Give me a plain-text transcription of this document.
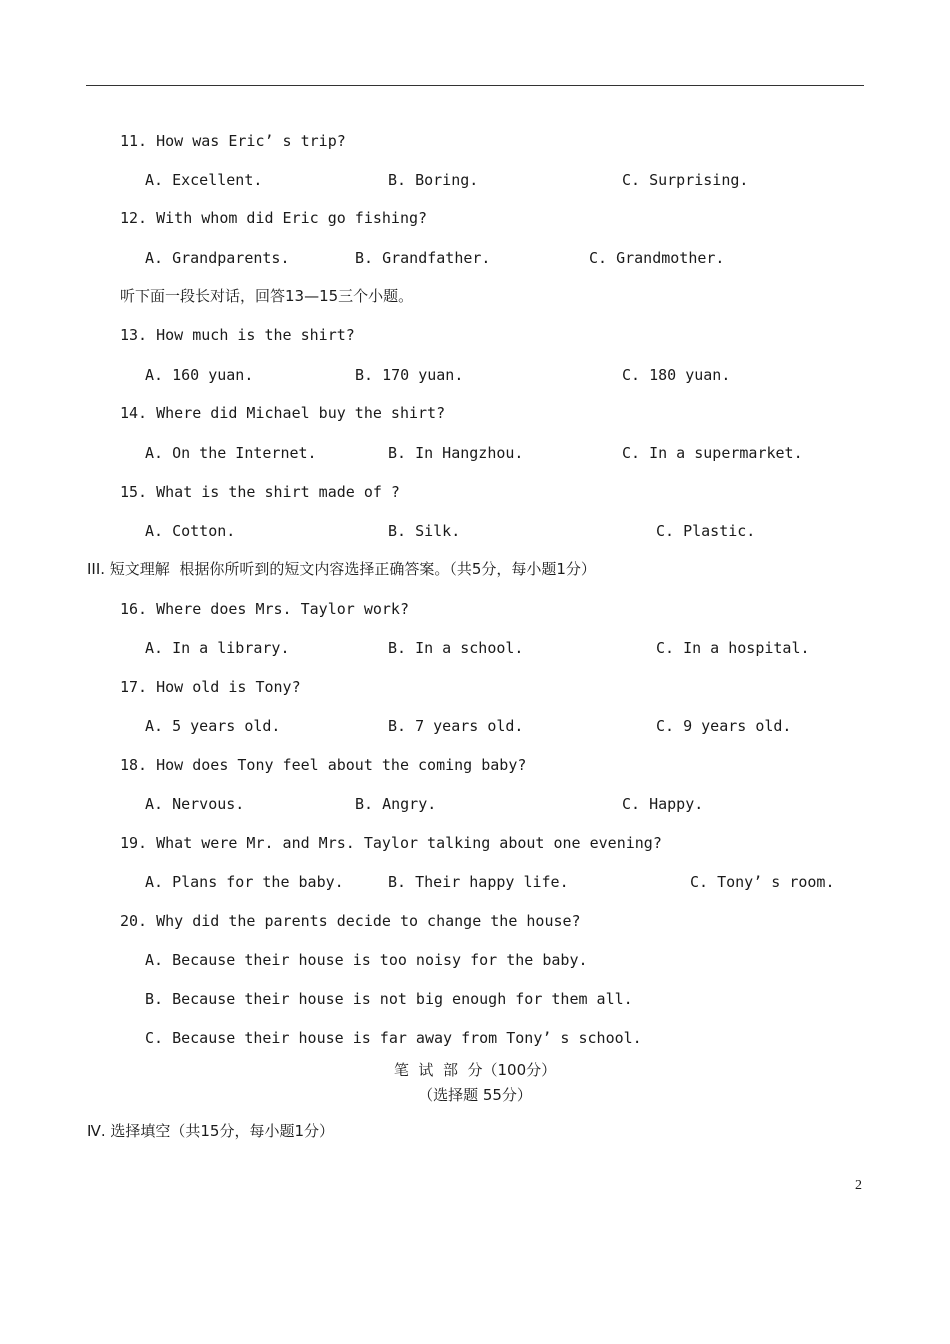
11. How was Eric’ s trip?
A. Excellent.	B. Boring.	C. Surprising.
12. With whom did Eric go fishing?
A. Grandparents.	B. Grandfather.	C. Grandmother.
听下面一段长对话，回答13—15三个小题。
13. How much is the shirt?
A. 160 yuan.	B. 170 yuan.	C. 180 yuan.
14. Where did Michael buy the shirt?
A. On the Internet.	B. In Hangzhou.	C. In a supermarket.
15. What is the shirt made of ?
A. Cotton.	B. Silk.	C. Plastic.
III. 短文理解  根据你所听到的短文内容选择正确答案。（共5分，每小题1分）
16. Where does Mrs. Taylor work?
A. In a library.	B. In a school.	C. In a hospital.
17. How old is Tony?
A. 5 years old.	B. 7 years old.	C. 9 years old.
18. How does Tony feel about the coming baby?
A. Nervous.	B. Angry.	C. Happy.
19. What were Mr. and Mrs. Taylor talking about one evening?
A. Plans for the baby.	B. Their happy life.	C. Tony’ s room.
20. Why did the parents decide to change the house?
A. Because their house is too noisy for the baby.
B. Because their house is not big enough for them all.
C. Because their house is far away from Tony’ s school.
笔  试  部  分（100分）
（选择题 55分）
Ⅳ. 选择填空（共15分，每小题1分）
2
